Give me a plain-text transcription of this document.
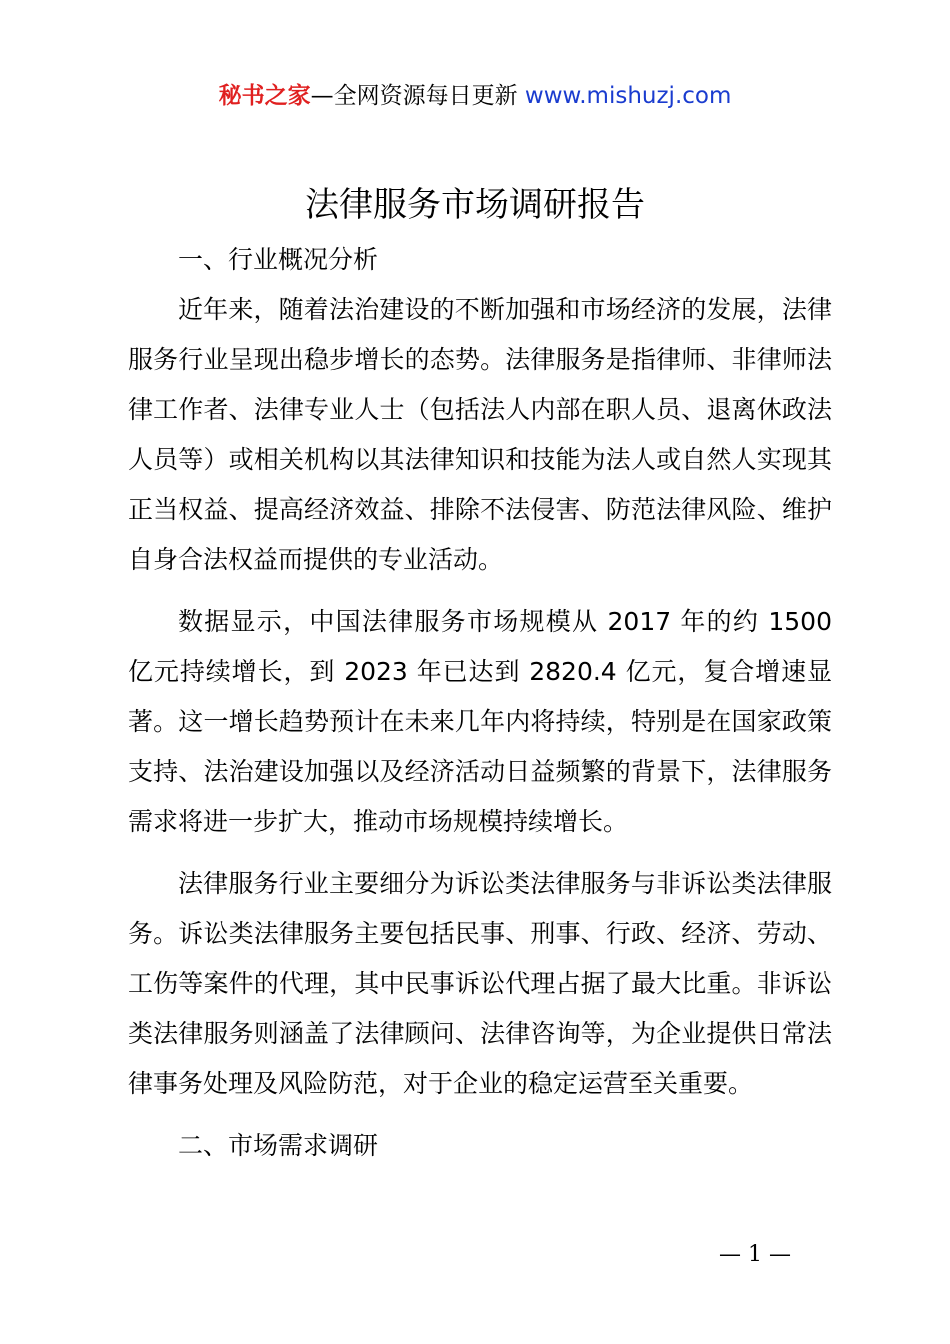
秘书之家—全网资源每日更新 www.mishuzj.com
法律服务市场调研报告
一、行业概况分析

近年来，随着法治建设的不断加强和市场经济的发展，法律服务行业呈现出稳步增长的态势。法律服务是指律师、非律师法律工作者、法律专业人士（包括法人内部在职人员、退离休政法人员等）或相关机构以其法律知识和技能为法人或自然人实现其正当权益、提高经济效益、排除不法侵害、防范法律风险、维护自身合法权益而提供的专业活动。

数据显示，中国法律服务市场规模从 2017 年的约 1500 亿元持续增长，到 2023 年已达到 2820.4 亿元，复合增速显著。这一增长趋势预计在未来几年内将持续，特别是在国家政策支持、法治建设加强以及经济活动日益频繁的背景下，法律服务需求将进一步扩大，推动市场规模持续增长。

法律服务行业主要细分为诉讼类法律服务与非诉讼类法律服务。诉讼类法律服务主要包括民事、刑事、行政、经济、劳动、工伤等案件的代理，其中民事诉讼代理占据了最大比重。非诉讼类法律服务则涵盖了法律顾问、法律咨询等，为企业提供日常法律事务处理及风险防范，对于企业的稳定运营至关重要。

二、市场需求调研
— 1 —
